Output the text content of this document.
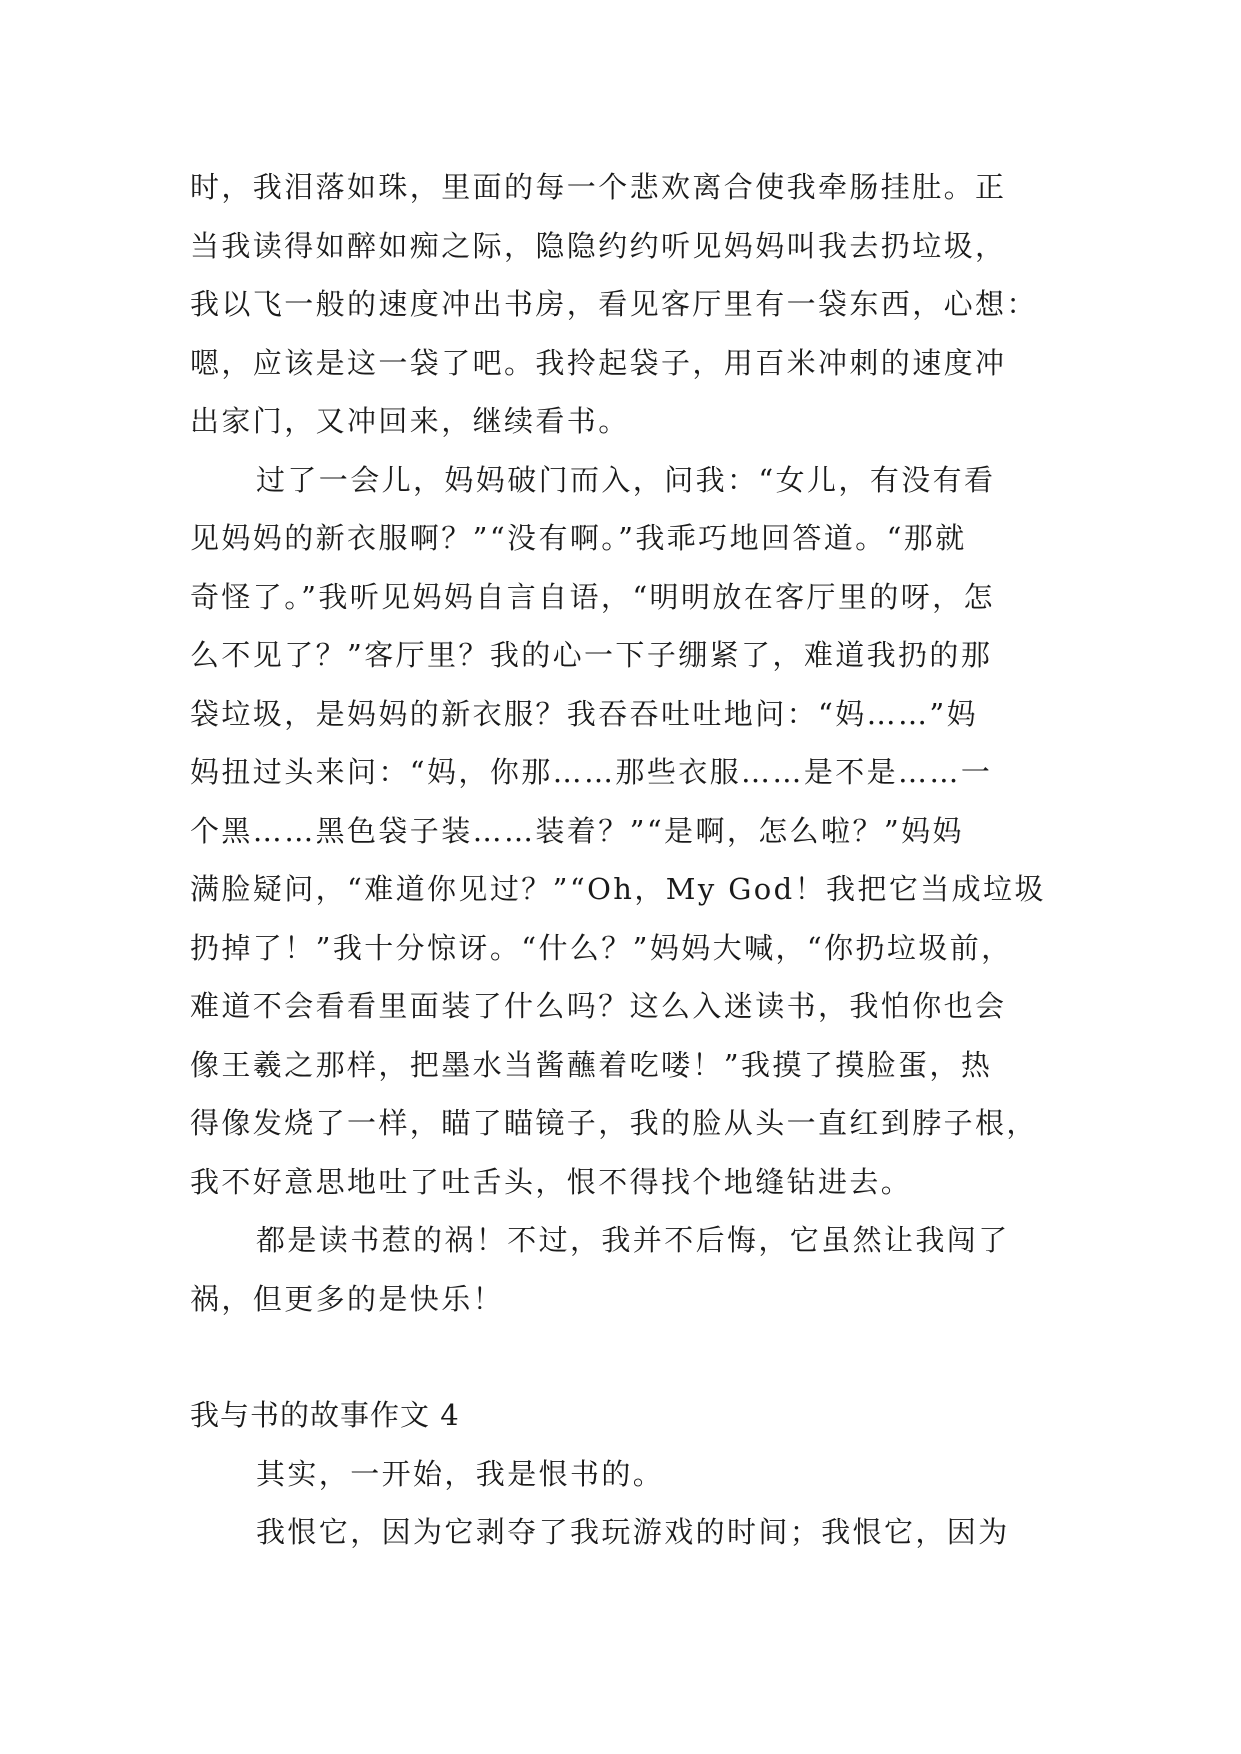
时，我泪落如珠，里面的每一个悲欢离合使我牵肠挂肚。正
当我读得如醉如痴之际，隐隐约约听见妈妈叫我去扔垃圾，
我以飞一般的速度冲出书房，看见客厅里有一袋东西，心想：
嗯，应该是这一袋了吧。我拎起袋子，用百米冲刺的速度冲
出家门，又冲回来，继续看书。
过了一会儿，妈妈破门而入，问我：“女儿，有没有看
见妈妈的新衣服啊？”“没有啊。”我乖巧地回答道。“那就
奇怪了。”我听见妈妈自言自语，“明明放在客厅里的呀，怎
么不见了？”客厅里？我的心一下子绷紧了，难道我扔的那
袋垃圾，是妈妈的新衣服？我吞吞吐吐地问：“妈……”妈
妈扭过头来问：“妈，你那……那些衣服……是不是……一
个黑……黑色袋子装……装着？”“是啊，怎么啦？”妈妈
满脸疑问，“难道你见过？”“Oh，My God！我把它当成垃圾
扔掉了！”我十分惊讶。“什么？”妈妈大喊，“你扔垃圾前，
难道不会看看里面装了什么吗？这么入迷读书，我怕你也会
像王羲之那样，把墨水当酱蘸着吃喽！”我摸了摸脸蛋，热
得像发烧了一样，瞄了瞄镜子，我的脸从头一直红到脖子根，
我不好意思地吐了吐舌头，恨不得找个地缝钻进去。
都是读书惹的祸！不过，我并不后悔，它虽然让我闯了
祸，但更多的是快乐！
我与书的故事作文 4
其实，一开始，我是恨书的。
我恨它，因为它剥夺了我玩游戏的时间；我恨它，因为
